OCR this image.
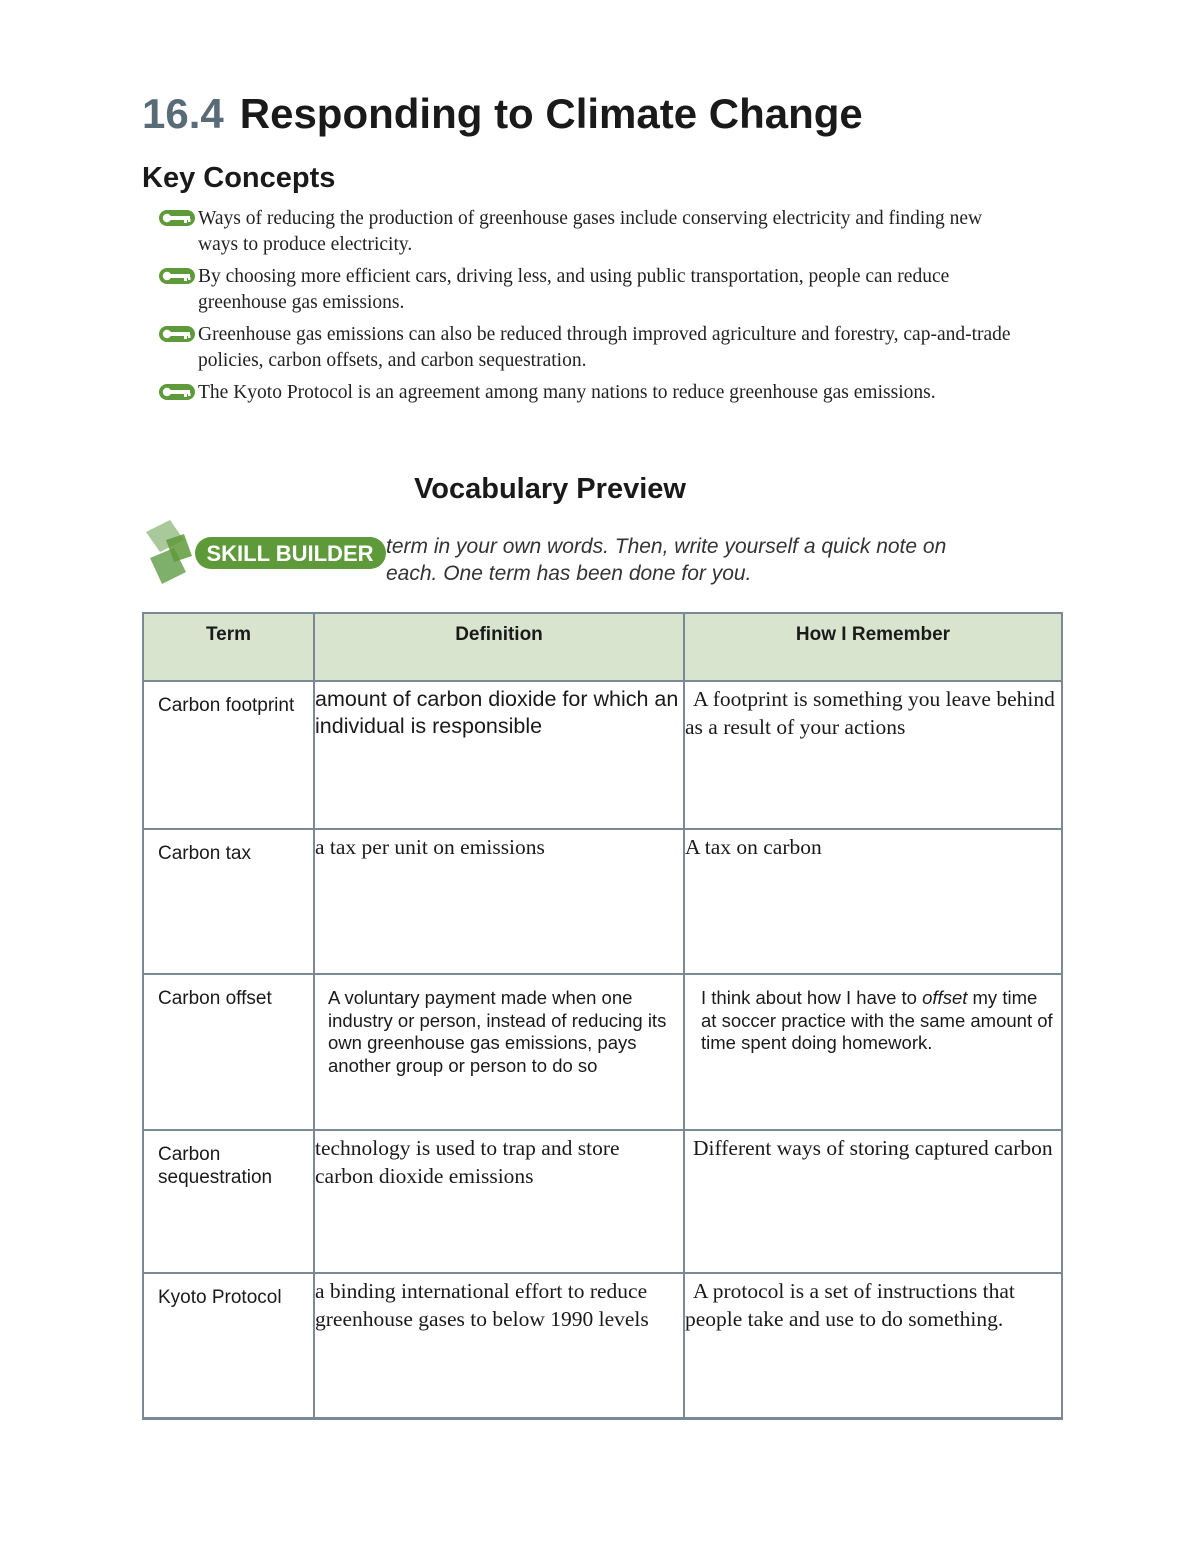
16.4 Responding to Climate Change
Key Concepts
Ways of reducing the production of greenhouse gases include conserving electricity and finding new ways to produce electricity.
By choosing more efficient cars, driving less, and using public transportation, people can reduce greenhouse gas emissions.
Greenhouse gas emissions can also be reduced through improved agriculture and forestry, cap-and-trade policies, carbon offsets, and carbon sequestration.
The Kyoto Protocol is an agreement among many nations to reduce greenhouse gas emissions.
Vocabulary Preview
SKILL BUILDER term in your own words. Then, write yourself a quick note on
each. One term has been done for you.
Term	Definition	How I Remember
Carbon footprint	amount of carbon dioxide for which an individual is responsible	A footprint is something you leave behind as a result of your actions
Carbon tax	a tax per unit on emissions	A tax on carbon
Carbon offset	A voluntary payment made when one industry or person, instead of reducing its own greenhouse gas emissions, pays another group or person to do so	I think about how I have to offset my time at soccer practice with the same amount of time spent doing homework.
Carbon sequestration	technology is used to trap and store carbon dioxide emissions	Different ways of storing captured carbon
Kyoto Protocol	a binding international effort to reduce greenhouse gases to below 1990 levels	A protocol is a set of instructions that people take and use to do something.
